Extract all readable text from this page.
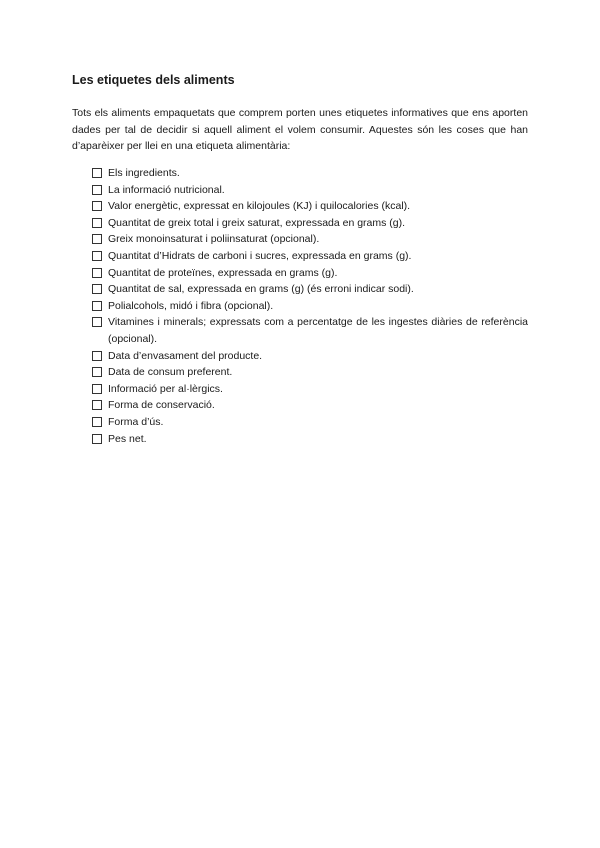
Les etiquetes dels aliments

Tots els aliments empaquetats que comprem porten unes etiquetes informatives que ens aporten dades per tal de decidir si aquell aliment el volem consumir. Aquestes són les coses que han d’aparèixer per llei en una etiqueta alimentària:

Els ingredients.
La informació nutricional.
Valor energètic, expressat en kilojoules (KJ) i quilocalories (kcal).
Quantitat de greix total i greix saturat, expressada en grams (g).
Greix monoinsaturat i poliinsaturat (opcional).
Quantitat d’Hidrats de carboni i sucres, expressada en grams (g).
Quantitat de proteïnes, expressada en grams (g).
Quantitat de sal, expressada en grams (g) (és erroni indicar sodi).
Polialcohols, midó i fibra (opcional).
Vitamines i minerals; expressats com a percentatge de les ingestes diàries de referència (opcional).
Data d’envasament del producte.
Data de consum preferent.
Informació per al·lèrgics.
Forma de conservació.
Forma d’ús.
Pes net.
